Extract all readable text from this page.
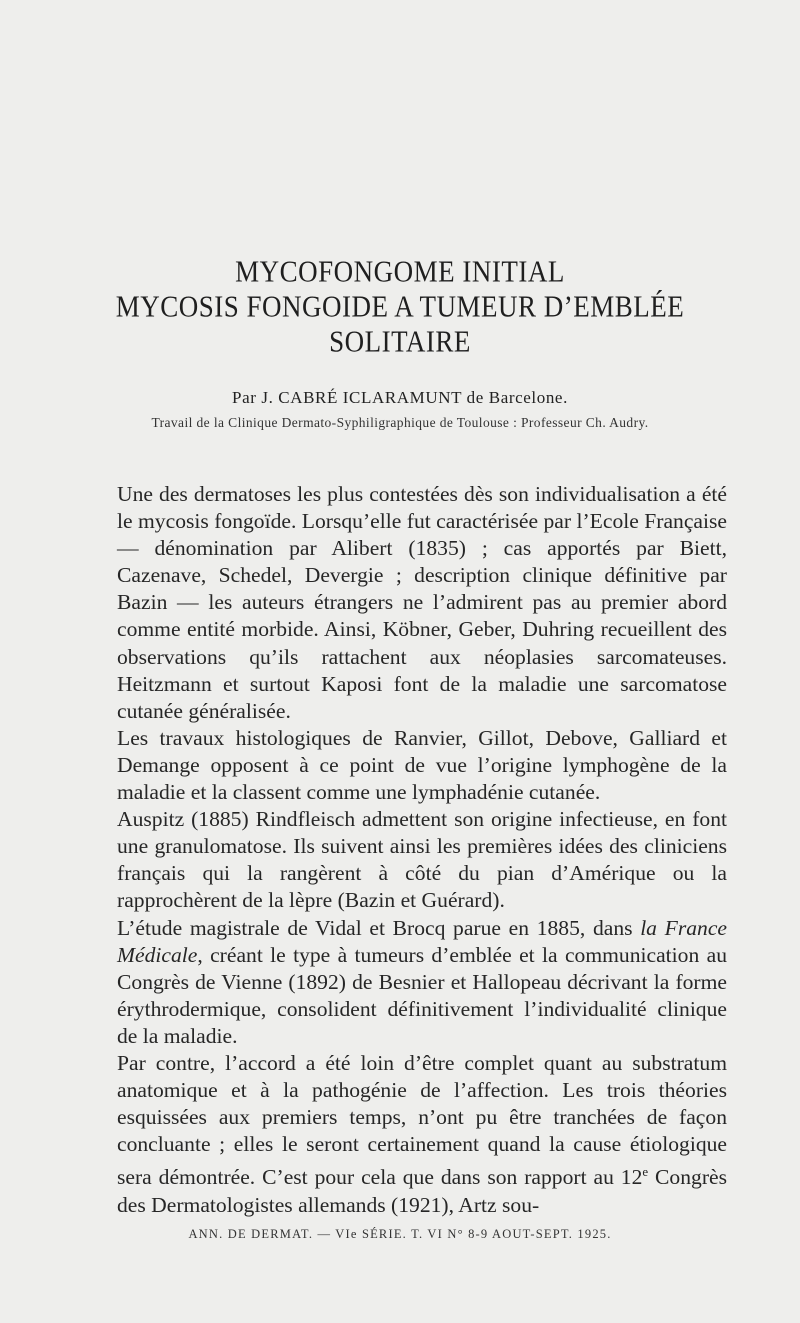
MYCOFONGOME INITIAL
MYCOSIS FONGOIDE A TUMEUR D’EMBLÉE
SOLITAIRE
Par J. CABRÉ ICLARAMUNT de Barcelone.
Travail de la Clinique Dermato-Syphiligraphique de Toulouse : Professeur Ch. Audry.

Une des dermatoses les plus contestées dès son individualisation a été le mycosis fongoïde. Lorsqu’elle fut caractérisée par l’Ecole Française — dénomination par Alibert (1835) ; cas apportés par Biett, Cazenave, Schedel, Devergie ; description clinique définitive par Bazin — les auteurs étrangers ne l’admirent pas au premier abord comme entité morbide. Ainsi, Köbner, Geber, Duhring recueillent des observations qu’ils rattachent aux néoplasies sarcomateuses. Heitzmann et surtout Kaposi font de la maladie une sarcomatose cutanée généralisée.

Les travaux histologiques de Ranvier, Gillot, Debove, Galliard et Demange opposent à ce point de vue l’origine lymphogène de la maladie et la classent comme une lymphadénie cutanée.

Auspitz (1885) Rindfleisch admettent son origine infectieuse, en font une granulomatose. Ils suivent ainsi les premières idées des cliniciens français qui la rangèrent à côté du pian d’Amérique ou la rapprochèrent de la lèpre (Bazin et Guérard).

L’étude magistrale de Vidal et Brocq parue en 1885, dans la France Médicale, créant le type à tumeurs d’emblée et la communication au Congrès de Vienne (1892) de Besnier et Hallopeau décrivant la forme érythrodermique, consolident définitivement l’individualité clinique de la maladie.

Par contre, l’accord a été loin d’être complet quant au substratum anatomique et à la pathogénie de l’affection. Les trois théories esquissées aux premiers temps, n’ont pu être tranchées de façon concluante ; elles le seront certainement quand la cause étiologique sera démontrée. C’est pour cela que dans son rapport au 12e Congrès des Dermatologistes allemands (1921), Artz sou-

ANN. DE DERMAT. — VIe SÉRIE. T. VI N° 8-9 AOUT-SEPT. 1925.
